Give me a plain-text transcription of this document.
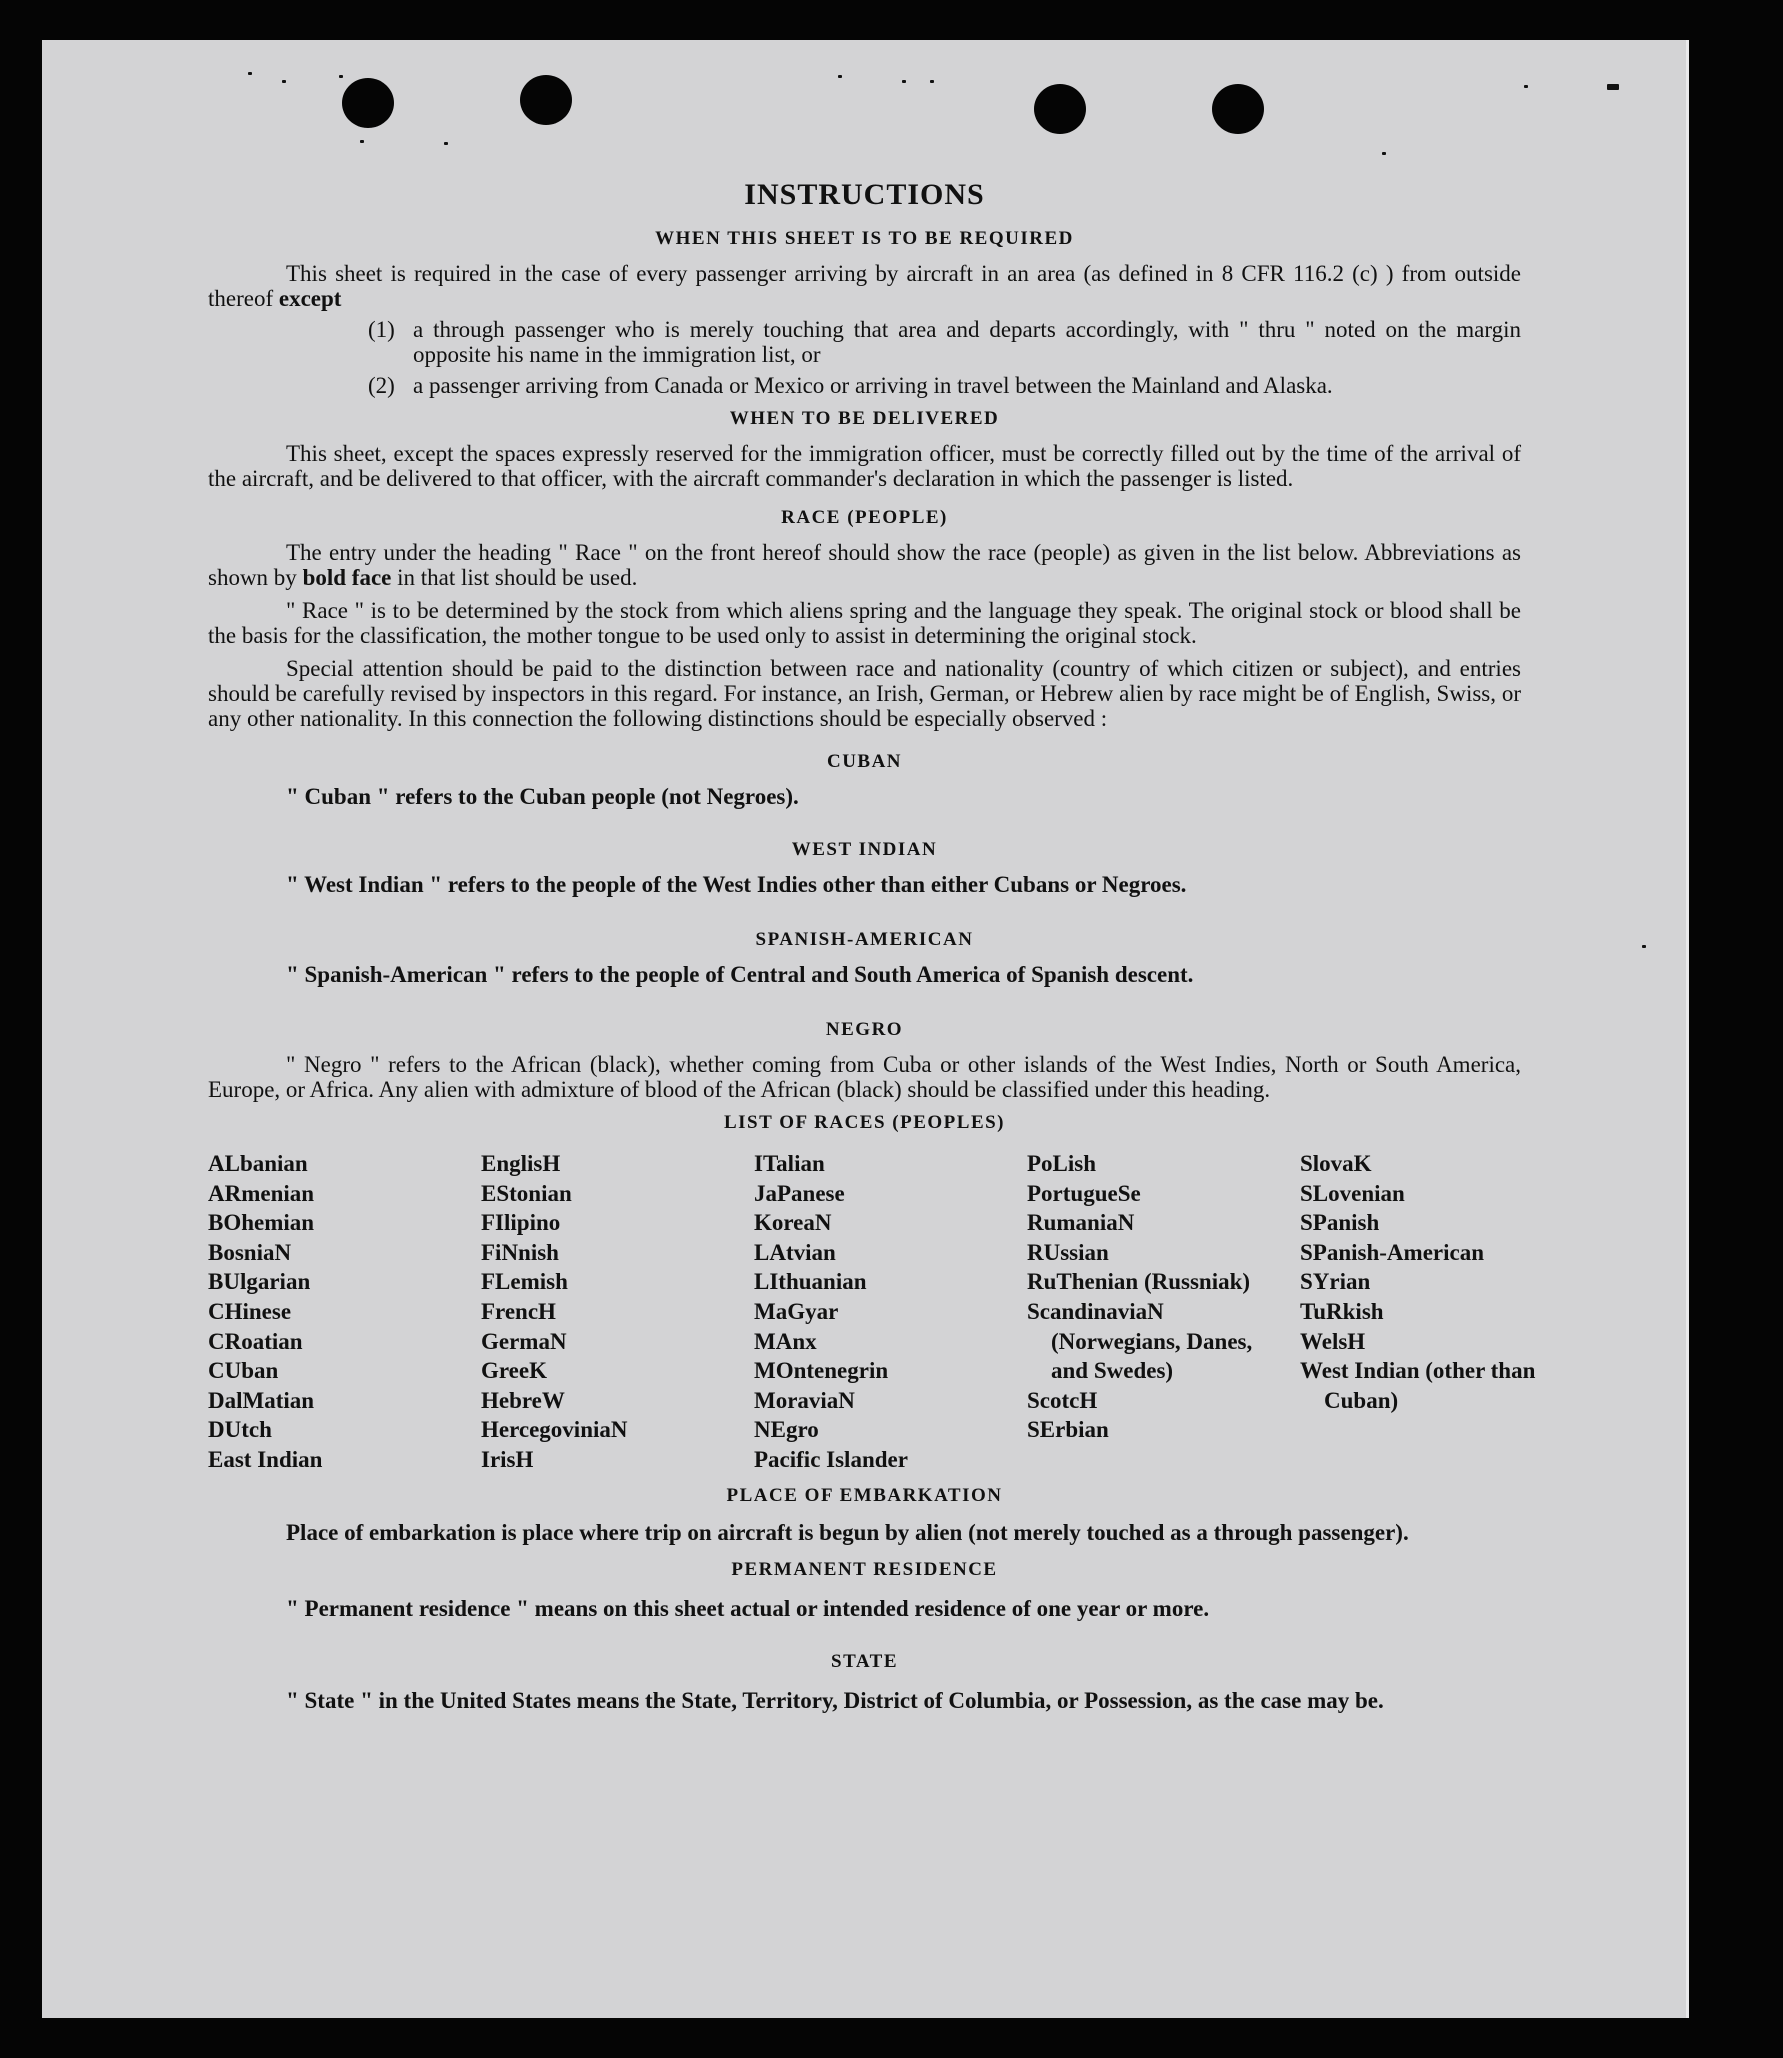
INSTRUCTIONS
WHEN THIS SHEET IS TO BE REQUIRED

This sheet is required in the case of every passenger arriving by aircraft in an area (as defined in 8 CFR 116.2 (c) ) from outside thereof except

(1) a through passenger who is merely touching that area and departs accordingly, with " thru " noted on the margin opposite his name in the immigration list, or
(2) a passenger arriving from Canada or Mexico or arriving in travel between the Mainland and Alaska.
WHEN TO BE DELIVERED

This sheet, except the spaces expressly reserved for the immigration officer, must be correctly filled out by the time of the arrival of the aircraft, and be delivered to that officer, with the aircraft commander's declaration in which the passenger is listed.

RACE (PEOPLE)

The entry under the heading " Race " on the front hereof should show the race (people) as given in the list below. Abbreviations as shown by bold face in that list should be used.

" Race " is to be determined by the stock from which aliens spring and the language they speak. The original stock or blood shall be the basis for the classification, the mother tongue to be used only to assist in determining the original stock.

Special attention should be paid to the distinction between race and nationality (country of which citizen or subject), and entries should be carefully revised by inspectors in this regard. For instance, an Irish, German, or Hebrew alien by race might be of English, Swiss, or any other nationality. In this connection the following distinctions should be especially observed :

CUBAN

" Cuban " refers to the Cuban people (not Negroes).

WEST INDIAN

" West Indian " refers to the people of the West Indies other than either Cubans or Negroes.

SPANISH-AMERICAN

" Spanish-American " refers to the people of Central and South America of Spanish descent.

NEGRO

" Negro " refers to the African (black), whether coming from Cuba or other islands of the West Indies, North or South America, Europe, or Africa. Any alien with admixture of blood of the African (black) should be classified under this heading.

LIST OF RACES (PEOPLES)
ALbanian
ARmenian
BOhemian
BosniaN
BUlgarian
CHinese
CRoatian
CUban
DalMatian
DUtch
East Indian
EnglisH
EStonian
FIlipino
FiNnish
FLemish
FrencH
GermaN
GreeK
HebreW
HercegoviniaN
IrisH
ITalian
JaPanese
KoreaN
LAtvian
LIthuanian
MaGyar
MAnx
MOntenegrin
MoraviaN
NEgro
Pacific Islander
PoLish
PortugueSe
RumaniaN
RUssian
RuThenian (Russniak)
ScandinaviaN (Norwegians, Danes, and Swedes)
ScotcH
SErbian
SlovaK
SLovenian
SPanish
SPanish-American
SYrian
TuRkish
WelsH
West Indian (other than Cuban)
PLACE OF EMBARKATION

Place of embarkation is place where trip on aircraft is begun by alien (not merely touched as a through passenger).

PERMANENT RESIDENCE

" Permanent residence " means on this sheet actual or intended residence of one year or more.

STATE

" State " in the United States means the State, Territory, District of Columbia, or Possession, as the case may be.
